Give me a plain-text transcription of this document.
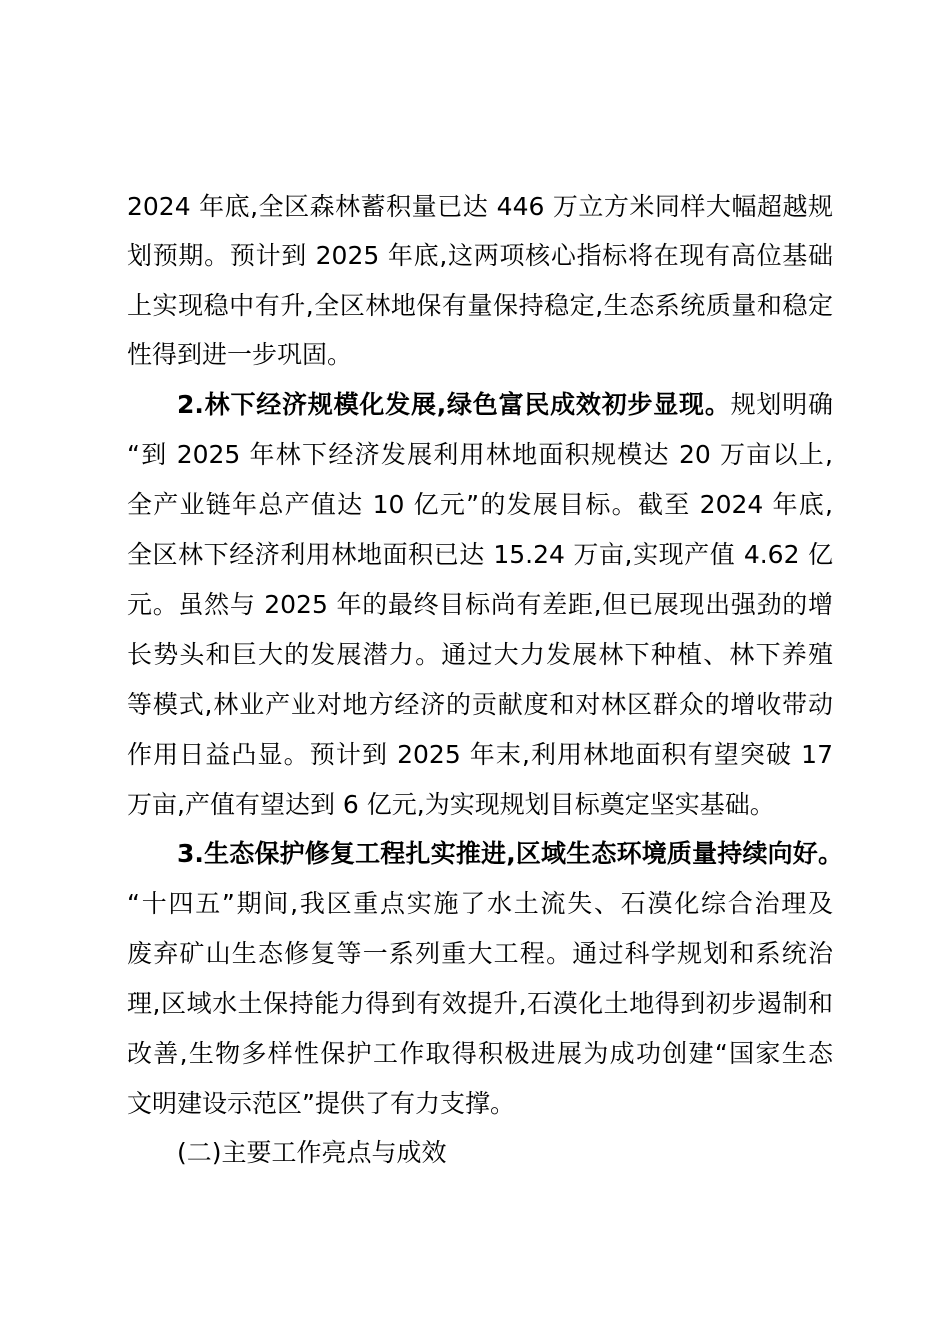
2024 年底,全区森林蓄积量已达 446 万立方米同样大幅超越规
划预期。预计到 2025 年底,这两项核心指标将在现有高位基础
上实现稳中有升,全区林地保有量保持稳定,生态系统质量和稳定
性得到进一步巩固。
2.林下经济规模化发展,绿色富民成效初步显现。规划明确
“到 2025 年林下经济发展利用林地面积规模达 20 万亩以上,
全产业链年总产值达 10 亿元”的发展目标。截至 2024 年底,
全区林下经济利用林地面积已达 15.24 万亩,实现产值 4.62 亿
元。虽然与 2025 年的最终目标尚有差距,但已展现出强劲的增
长势头和巨大的发展潜力。通过大力发展林下种植、林下养殖
等模式,林业产业对地方经济的贡献度和对林区群众的增收带动
作用日益凸显。预计到 2025 年末,利用林地面积有望突破 17
万亩,产值有望达到 6 亿元,为实现规划目标奠定坚实基础。
3.生态保护修复工程扎实推进,区域生态环境质量持续向好。
“十四五”期间,我区重点实施了水土流失、石漠化综合治理及
废弃矿山生态修复等一系列重大工程。通过科学规划和系统治
理,区域水土保持能力得到有效提升,石漠化土地得到初步遏制和
改善,生物多样性保护工作取得积极进展为成功创建“国家生态
文明建设示范区”提供了有力支撑。
(二)主要工作亮点与成效
